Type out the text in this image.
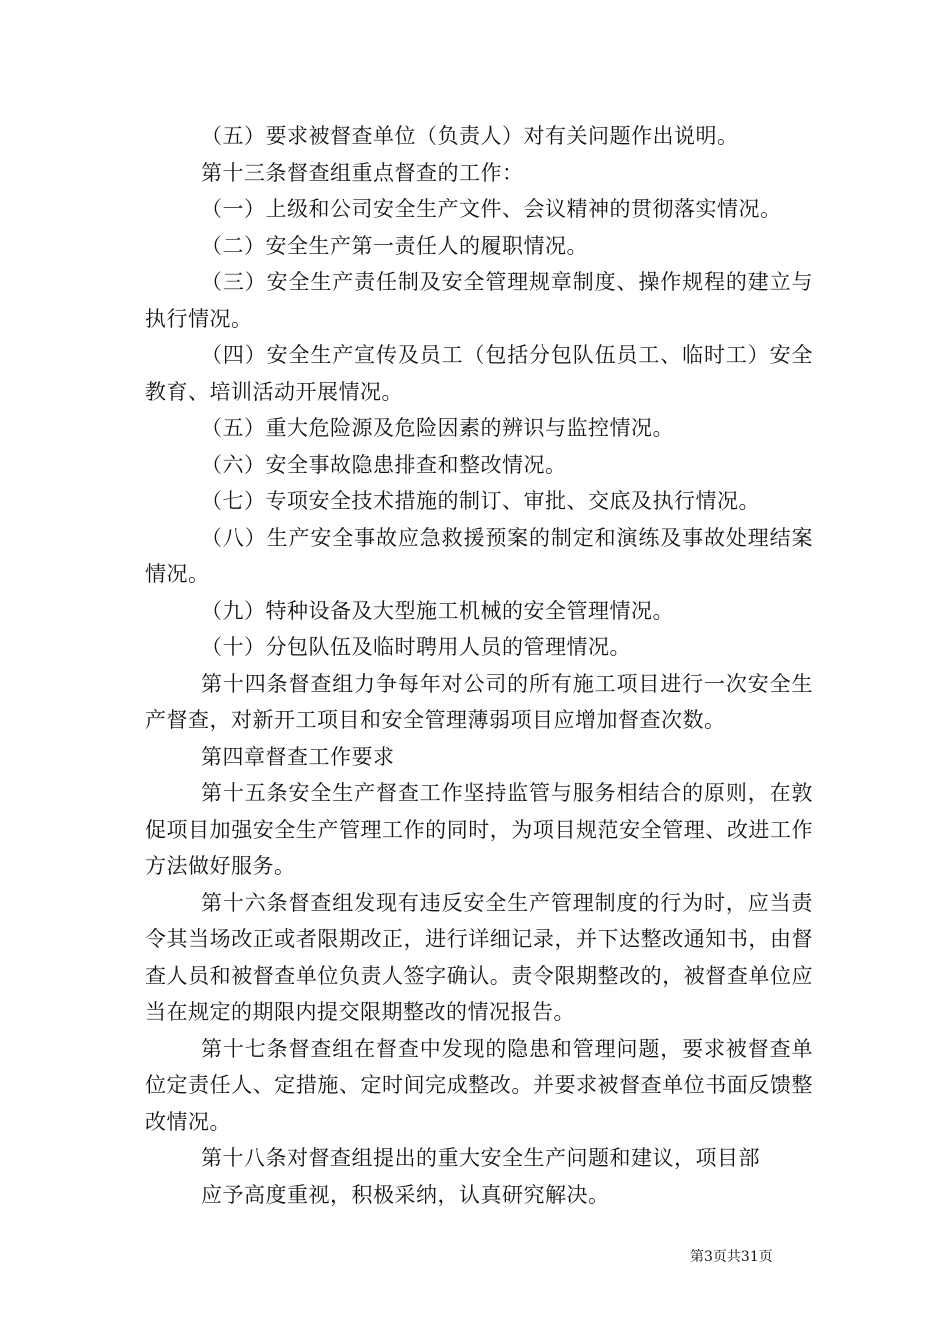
（五）要求被督查单位（负责人）对有关问题作出说明。

第十三条督查组重点督查的工作：

（一）上级和公司安全生产文件、会议精神的贯彻落实情况。

（二）安全生产第一责任人的履职情况。

（三）安全生产责任制及安全管理规章制度、操作规程的建立与执行情况。

（四）安全生产宣传及员工（包括分包队伍员工、临时工）安全教育、培训活动开展情况。

（五）重大危险源及危险因素的辨识与监控情况。

（六）安全事故隐患排查和整改情况。

（七）专项安全技术措施的制订、审批、交底及执行情况。

（八）生产安全事故应急救援预案的制定和演练及事故处理结案情况。

（九）特种设备及大型施工机械的安全管理情况。

（十）分包队伍及临时聘用人员的管理情况。

第十四条督查组力争每年对公司的所有施工项目进行一次安全生产督查，对新开工项目和安全管理薄弱项目应增加督查次数。

第四章督查工作要求

第十五条安全生产督查工作坚持监管与服务相结合的原则，在敦促项目加强安全生产管理工作的同时，为项目规范安全管理、改进工作方法做好服务。

第十六条督查组发现有违反安全生产管理制度的行为时，应当责令其当场改正或者限期改正，进行详细记录，并下达整改通知书，由督查人员和被督查单位负责人签字确认。责令限期整改的，被督查单位应当在规定的期限内提交限期整改的情况报告。

第十七条督查组在督查中发现的隐患和管理问题，要求被督查单位定责任人、定措施、定时间完成整改。并要求被督查单位书面反馈整改情况。

第十八条对督查组提出的重大安全生产问题和建议，项目部

应予高度重视，积极采纳，认真研究解决。

第3页共31页
